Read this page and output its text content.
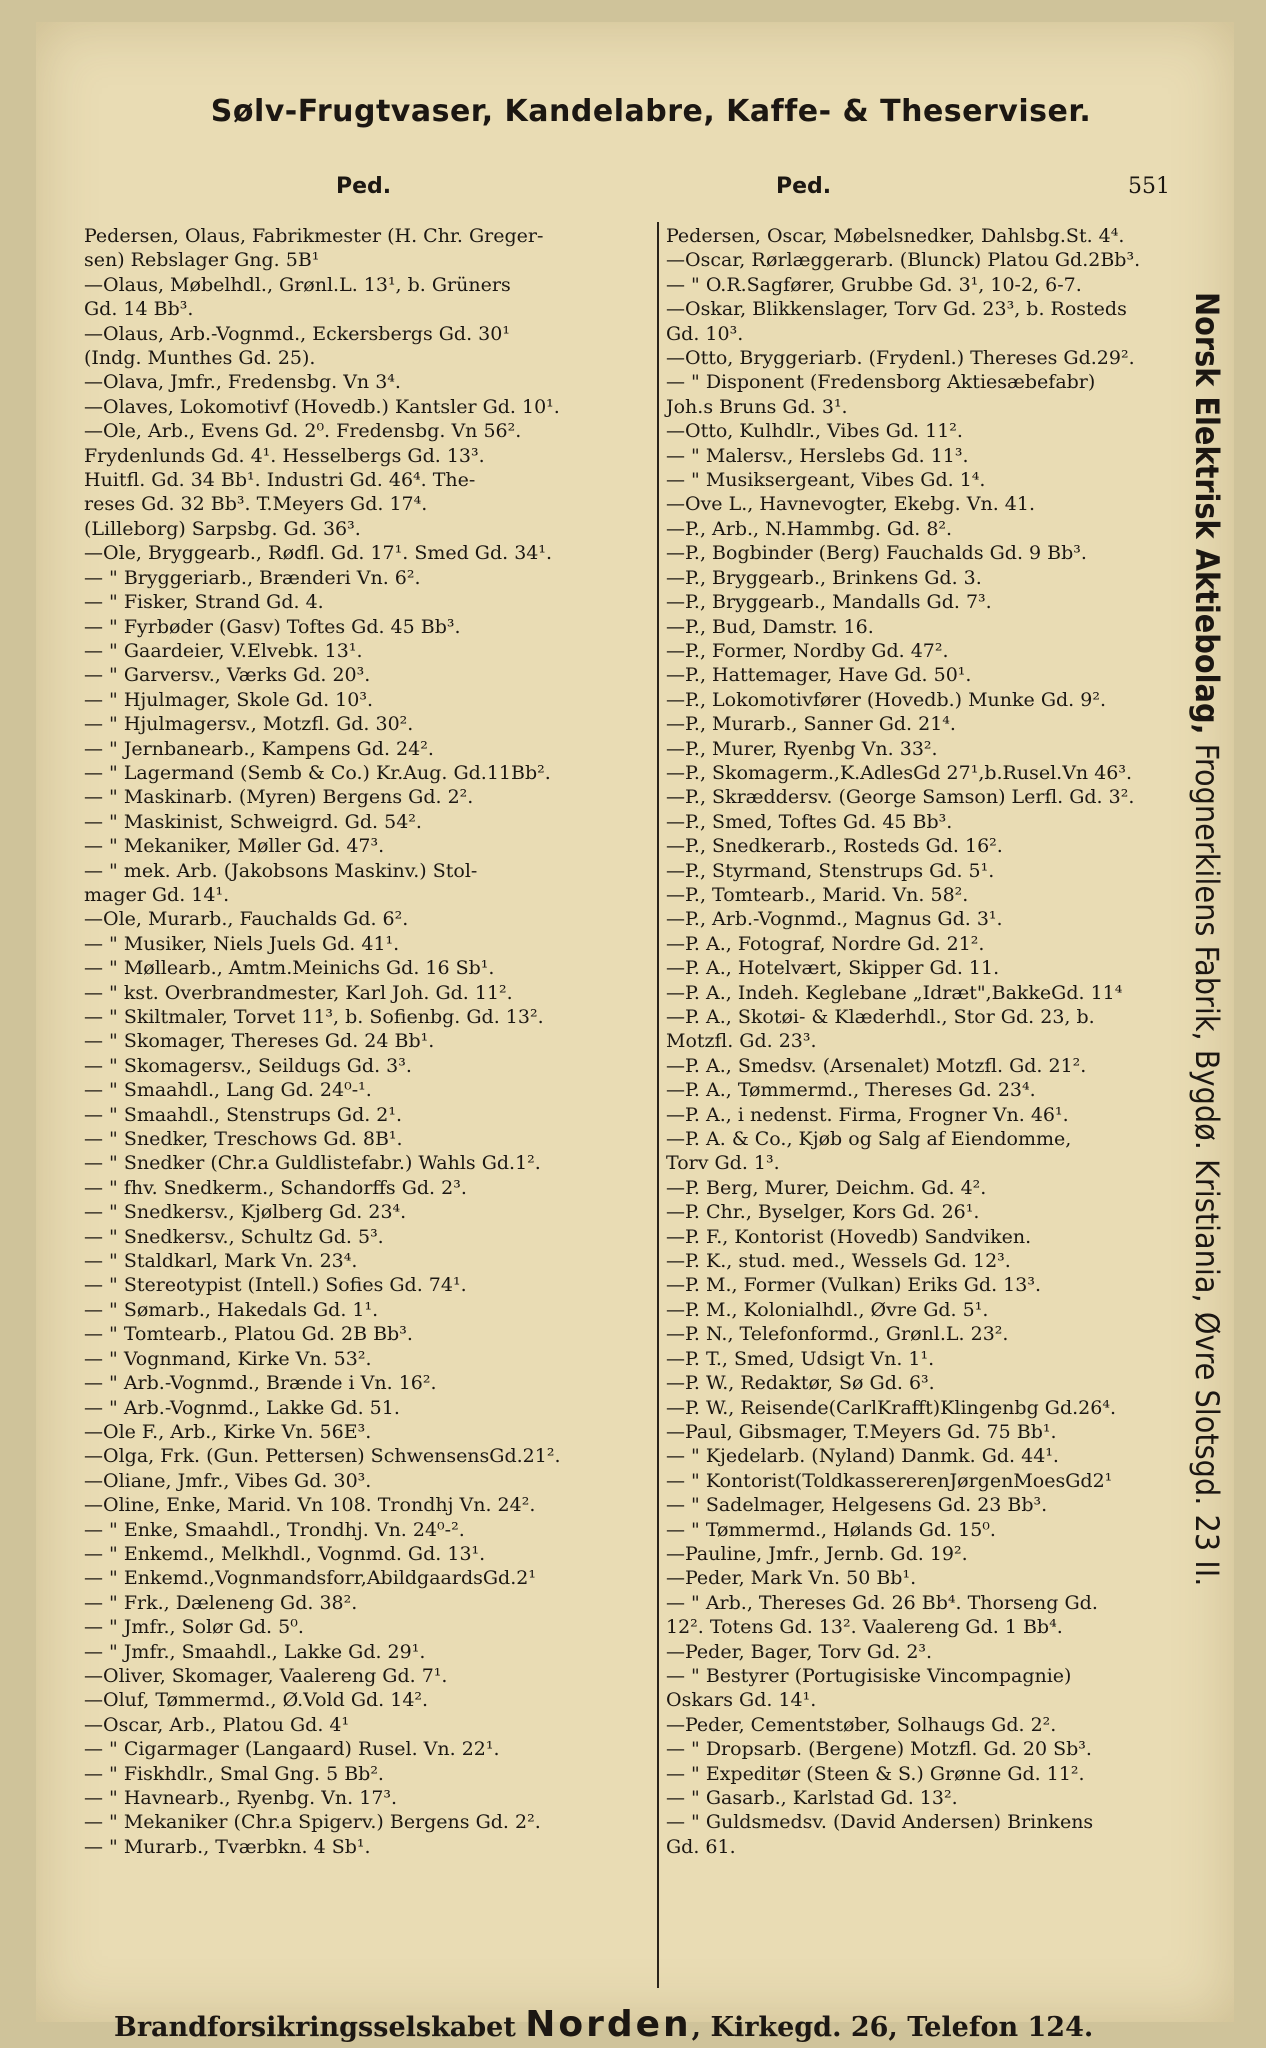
Sølv-Frugtvaser, Kandelabre, Kaffe- & Theserviser.
Ped.	Ped.	551
Pedersen, Olaus, Fabrikmester (H. Chr. Greger-
sen) Rebslager Gng. 5B¹
—Olaus, Møbelhdl., Grønl.L. 13¹, b. Grüners
Gd. 14 Bb³.
—Olaus, Arb.-Vognmd., Eckersbergs Gd. 30¹
(Indg. Munthes Gd. 25).
—Olava, Jmfr., Fredensbg. Vn 3⁴.
—Olaves, Lokomotivf (Hovedb.) Kantsler Gd. 10¹.
—Ole, Arb., Evens Gd. 2⁰. Fredensbg. Vn 56².
Frydenlunds Gd. 4¹. Hesselbergs Gd. 13³.
Huitfl. Gd. 34 Bb¹. Industri Gd. 46⁴. The-
reses Gd. 32 Bb³. T.Meyers Gd. 17⁴.
(Lilleborg) Sarpsbg. Gd. 36³.
—Ole, Bryggearb., Rødfl. Gd. 17¹. Smed Gd. 34¹.
— " Bryggeriarb., Brænderi Vn. 6².
— " Fisker, Strand Gd. 4.
— " Fyrbøder (Gasv) Toftes Gd. 45 Bb³.
— " Gaardeier, V.Elvebk. 13¹.
— " Garversv., Værks Gd. 20³.
— " Hjulmager, Skole Gd. 10³.
— " Hjulmagersv., Motzfl. Gd. 30².
— " Jernbanearb., Kampens Gd. 24².
— " Lagermand (Semb & Co.) Kr.Aug. Gd.11Bb².
— " Maskinarb. (Myren) Bergens Gd. 2².
— " Maskinist, Schweigrd. Gd. 54².
— " Mekaniker, Møller Gd. 47³.
— " mek. Arb. (Jakobsons Maskinv.) Stol-
mager Gd. 14¹.
—Ole, Murarb., Fauchalds Gd. 6².
— " Musiker, Niels Juels Gd. 41¹.
— " Møllearb., Amtm.Meinichs Gd. 16 Sb¹.
— " kst. Overbrandmester, Karl Joh. Gd. 11².
— " Skiltmaler, Torvet 11³, b. Sofienbg. Gd. 13².
— " Skomager, Thereses Gd. 24 Bb¹.
— " Skomagersv., Seildugs Gd. 3³.
— " Smaahdl., Lang Gd. 24⁰-¹.
— " Smaahdl., Stenstrups Gd. 2¹.
— " Snedker, Treschows Gd. 8B¹.
— " Snedker (Chr.a Guldlistefabr.) Wahls Gd.1².
— " fhv. Snedkerm., Schandorffs Gd. 2³.
— " Snedkersv., Kjølberg Gd. 23⁴.
— " Snedkersv., Schultz Gd. 5³.
— " Staldkarl, Mark Vn. 23⁴.
— " Stereotypist (Intell.) Sofies Gd. 74¹.
— " Sømarb., Hakedals Gd. 1¹.
— " Tomtearb., Platou Gd. 2B Bb³.
— " Vognmand, Kirke Vn. 53².
— " Arb.-Vognmd., Brænde i Vn. 16².
— " Arb.-Vognmd., Lakke Gd. 51.
—Ole F., Arb., Kirke Vn. 56E³.
—Olga, Frk. (Gun. Pettersen) SchwensensGd.21².
—Oliane, Jmfr., Vibes Gd. 30³.
—Oline, Enke, Marid. Vn 108. Trondhj Vn. 24².
— " Enke, Smaahdl., Trondhj. Vn. 24⁰-².
— " Enkemd., Melkhdl., Vognmd. Gd. 13¹.
— " Enkemd.,Vognmandsforr,AbildgaardsGd.2¹
— " Frk., Dæleneng Gd. 38².
— " Jmfr., Solør Gd. 5⁰.
— " Jmfr., Smaahdl., Lakke Gd. 29¹.
—Oliver, Skomager, Vaalereng Gd. 7¹.
—Oluf, Tømmermd., Ø.Vold Gd. 14².
—Oscar, Arb., Platou Gd. 4¹
— " Cigarmager (Langaard) Rusel. Vn. 22¹.
— " Fiskhdlr., Smal Gng. 5 Bb².
— " Havnearb., Ryenbg. Vn. 17³.
— " Mekaniker (Chr.a Spigerv.) Bergens Gd. 2².
— " Murarb., Tværbkn. 4 Sb¹.
Pedersen, Oscar, Møbelsnedker, Dahlsbg.St. 4⁴.
—Oscar, Rørlæggerarb. (Blunck) Platou Gd.2Bb³.
— " O.R.Sagfører, Grubbe Gd. 3¹, 10-2, 6-7.
—Oskar, Blikkenslager, Torv Gd. 23³, b. Rosteds
Gd. 10³.
—Otto, Bryggeriarb. (Frydenl.) Thereses Gd.29².
— " Disponent (Fredensborg Aktiesæbefabr)
Joh.s Bruns Gd. 3¹.
—Otto, Kulhdlr., Vibes Gd. 11².
— " Malersv., Herslebs Gd. 11³.
— " Musiksergeant, Vibes Gd. 1⁴.
—Ove L., Havnevogter, Ekebg. Vn. 41.
—P., Arb., N.Hammbg. Gd. 8².
—P., Bogbinder (Berg) Fauchalds Gd. 9 Bb³.
—P., Bryggearb., Brinkens Gd. 3.
—P., Bryggearb., Mandalls Gd. 7³.
—P., Bud, Damstr. 16.
—P., Former, Nordby Gd. 47².
—P., Hattemager, Have Gd. 50¹.
—P., Lokomotivfører (Hovedb.) Munke Gd. 9².
—P., Murarb., Sanner Gd. 21⁴.
—P., Murer, Ryenbg Vn. 33².
—P., Skomagerm.,K.AdlesGd 27¹,b.Rusel.Vn 46³.
—P., Skræddersv. (George Samson) Lerfl. Gd. 3².
—P., Smed, Toftes Gd. 45 Bb³.
—P., Snedkerarb., Rosteds Gd. 16².
—P., Styrmand, Stenstrups Gd. 5¹.
—P., Tomtearb., Marid. Vn. 58².
—P., Arb.-Vognmd., Magnus Gd. 3¹.
—P. A., Fotograf, Nordre Gd. 21².
—P. A., Hotelvært, Skipper Gd. 11.
—P. A., Indeh. Keglebane „Idræt",BakkeGd. 11⁴
—P. A., Skotøi- & Klæderhdl., Stor Gd. 23, b.
Motzfl. Gd. 23³.
—P. A., Smedsv. (Arsenalet) Motzfl. Gd. 21².
—P. A., Tømmermd., Thereses Gd. 23⁴.
—P. A., i nedenst. Firma, Frogner Vn. 46¹.
—P. A. & Co., Kjøb og Salg af Eiendomme,
Torv Gd. 1³.
—P. Berg, Murer, Deichm. Gd. 4².
—P. Chr., Byselger, Kors Gd. 26¹.
—P. F., Kontorist (Hovedb) Sandviken.
—P. K., stud. med., Wessels Gd. 12³.
—P. M., Former (Vulkan) Eriks Gd. 13³.
—P. M., Kolonialhdl., Øvre Gd. 5¹.
—P. N., Telefonformd., Grønl.L. 23².
—P. T., Smed, Udsigt Vn. 1¹.
—P. W., Redaktør, Sø Gd. 6³.
—P. W., Reisende(CarlKrafft)Klingenbg Gd.26⁴.
—Paul, Gibsmager, T.Meyers Gd. 75 Bb¹.
— " Kjedelarb. (Nyland) Danmk. Gd. 44¹.
— " Kontorist(ToldkassererenJørgenMoesGd2¹
— " Sadelmager, Helgesens Gd. 23 Bb³.
— " Tømmermd., Hølands Gd. 15⁰.
—Pauline, Jmfr., Jernb. Gd. 19².
—Peder, Mark Vn. 50 Bb¹.
— " Arb., Thereses Gd. 26 Bb⁴. Thorseng Gd.
12². Totens Gd. 13². Vaalereng Gd. 1 Bb⁴.
—Peder, Bager, Torv Gd. 2³.
— " Bestyrer (Portugisiske Vincompagnie)
Oskars Gd. 14¹.
—Peder, Cementstøber, Solhaugs Gd. 2².
— " Dropsarb. (Bergene) Motzfl. Gd. 20 Sb³.
— " Expeditør (Steen & S.) Grønne Gd. 11².
— " Gasarb., Karlstad Gd. 13².
— " Guldsmedsv. (David Andersen) Brinkens
Gd. 61.
Norsk Elektrisk Aktiebolag, Frognerkilens Fabrik, Bygdø. Kristiania, Øvre Slotsgd. 23 II.
Brandforsikringsselskabet Norden, Kirkegd. 26, Telefon 124.
